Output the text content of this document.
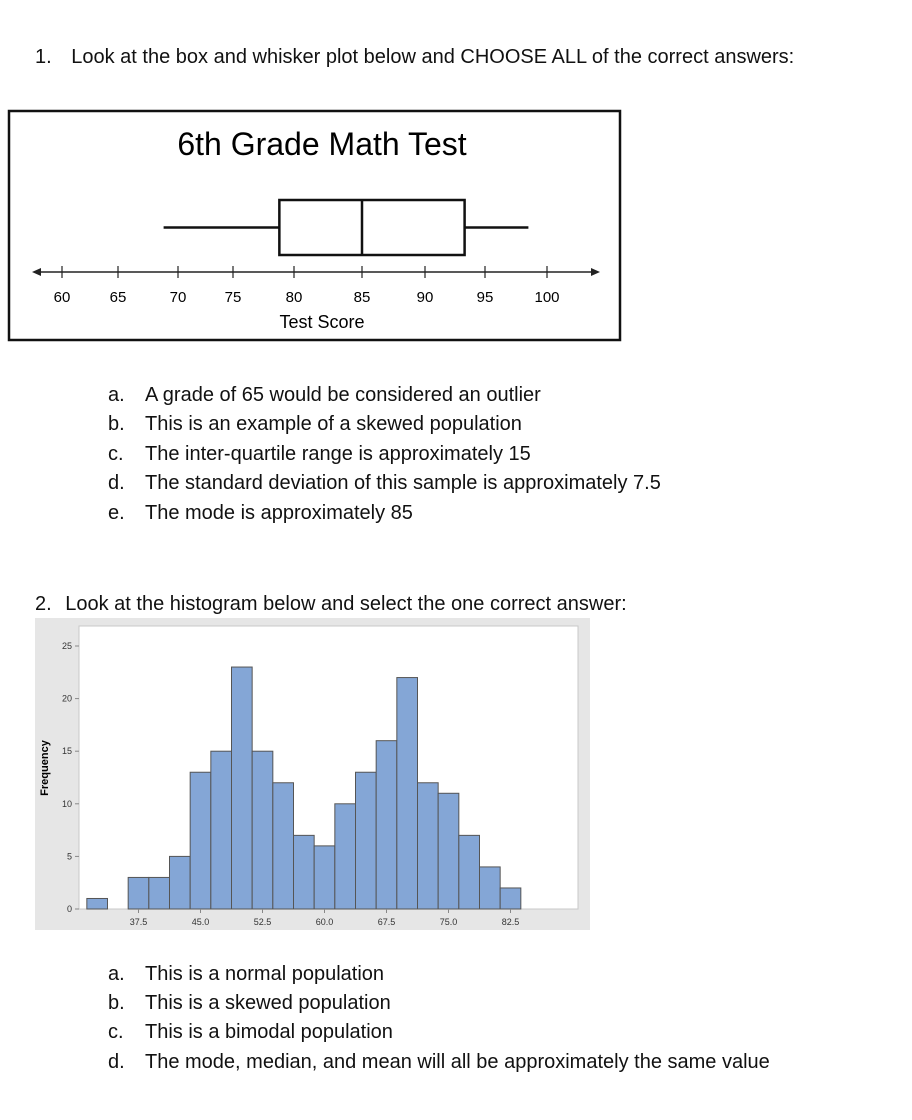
1. Look at the box and whisker plot below and CHOOSE ALL of the correct answers:
6th Grade Math Test
60	65	70	75	80	85	90	95	100
Test Score
a. A grade of 65 would be considered an outlier
b. This is an example of a skewed population
c. The inter-quartile range is approximately 15
d. The standard deviation of this sample is approximately 7.5
e. The mode is approximately 85
2. Look at the histogram below and select the one correct answer:
Frequency
0
5
10
15
20
25
37.5	45.0	52.5	60.0	67.5	75.0	82.5
a. This is a normal population
b. This is a skewed population
c. This is a bimodal population
d. The mode, median, and mean will all be approximately the same value
